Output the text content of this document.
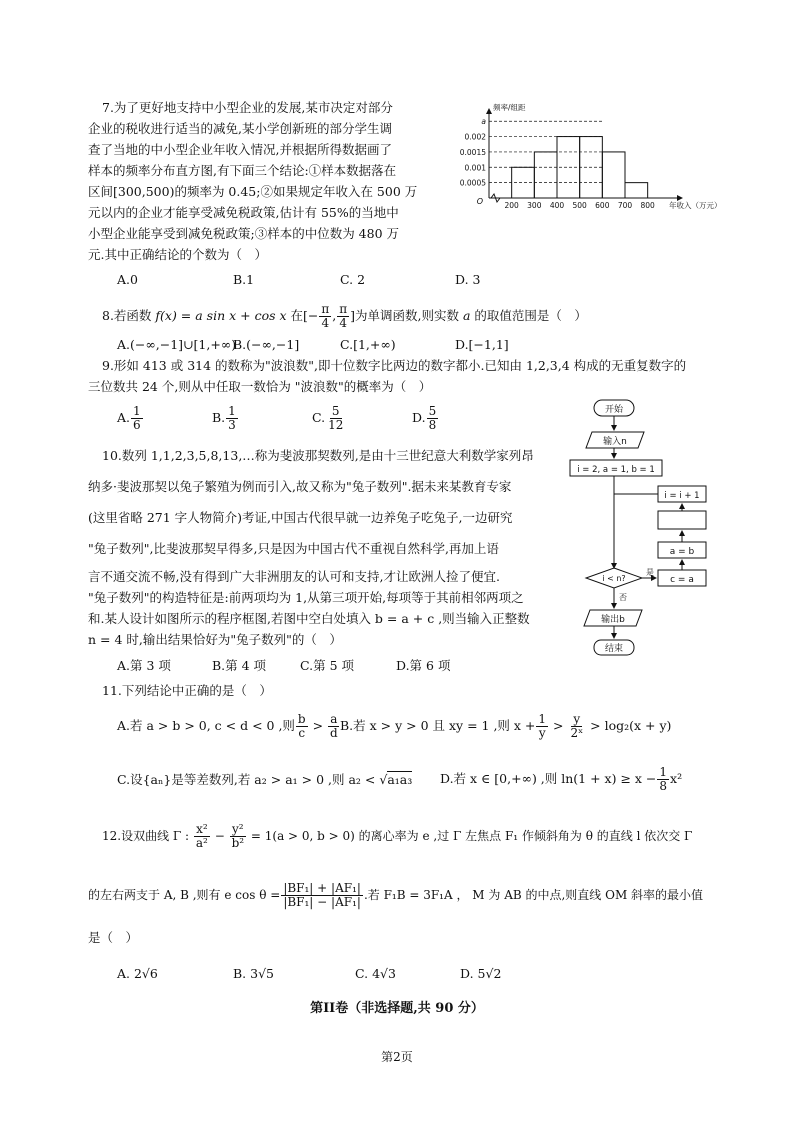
7.为了更好地支持中小型企业的发展,某市决定对部分
企业的税收进行适当的减免,某小学创新班的部分学生调
查了当地的中小型企业年收入情况,并根据所得数据画了
样本的频率分布直方图,有下面三个结论:①样本数据落在
区间[300,500)的频率为 0.45;②如果规定年收入在 500 万
元以内的企业才能享受减免税政策,估计有 55%的当地中
小型企业能享受到减免税政策;③样本的中位数为 480 万
元.其中正确结论的个数为（　）
A.0	B.1	C. 2	D. 3
0.0005
0.001
0.0015
0.002
a
200 300 400 500 600 700 800 年收入（万元）
频率/组距
O
8.若函数 f(x) = a sin x + cos x 在[− $\frac{\pi}{4}$ , $\frac{\pi}{4}$ ]为单调函数,则实数 a 的取值范围是（　）
A.(−∞,−1]∪[1,+∞)
B.(−∞,−1]	C.[1,+∞)	D.[−1,1]
9.形如 413 或 314 的数称为"波浪数",即十位数字比两边的数字都小.已知由 1,2,3,4 构成的无重复数字的
三位数共 24 个,则从中任取一数恰为 "波浪数"的概率为（　）
A. $\frac{1}{6}$	B. $\frac{1}{3}$	C. $\frac{5}{12}$	D. $\frac{5}{8}$
10.数列 1,1,2,3,5,8,13,…称为斐波那契数列,是由十三世纪意大利数学家列昂
纳多·斐波那契以兔子繁殖为例而引入,故又称为"兔子数列".据未来某教育专家
(这里省略 271 字人物简介)考证,中国古代很早就一边养兔子吃兔子,一边研究
"兔子数列",比斐波那契早得多,只是因为中国古代不重视自然科学,再加上语
言不通交流不畅,没有得到广大非洲朋友的认可和支持,才让欧洲人捡了便宜.
"兔子数列"的构造特征是:前两项均为 1,从第三项开始,每项等于其前相邻两项之
和.某人设计如图所示的程序框图,若图中空白处填入 b = a + c ,则当输入正整数
n = 4 时,输出结果恰好为"兔子数列"的（　）
A.第 3 项	B.第 4 项	C.第 5 项	D.第 6 项
开始
输入n
i = 2, a = 1, b = 1
i = i + 1
a = b
c = a
i < n?
是
否
输出b
结束
11.下列结论中正确的是（　）
A.若 a > b > 0, c < d < 0 ,则 $\frac{b}{c} > \frac{a}{d} B$.若 x > y > 0 且 xy = 1 ,则 $x + \frac{1}{y} > \frac{y}{\text{2ˣ}} > \log_2(x + y)$
C.设{aₙ}是等差数列,若 a₂ > a₁ > 0 ,则 a₂ < √a₁a₃ D.若 x ∈ [0,+∞) ,则 $\ln(1 + x) \ge x - \frac{1}{8} x^2$
12.设双曲线 Γ : $\frac{\text{x²}}{\text{a²}} - \frac{\text{y²}}{\text{b²}} = 1(a > 0$, b > 0) 的离心率为 e ,过 Γ 左焦点 F₁ 作倾斜角为 θ 的直线 l 依次交 Γ
的左右两支于 A, B ,则有 e $\cos \theta = \frac{\text{|BF₁| + |AF₁|}}{\text{|BF₁| − |AF₁|}}$ .若 F₁B = 3F₁A ， M 为 AB 的中点,则直线 OM 斜率的最小值
是（　）
A. 2√6	B. 3√5	C. 4√3	D. 5√2
第II卷（非选择题,共 90 分）
第2页
